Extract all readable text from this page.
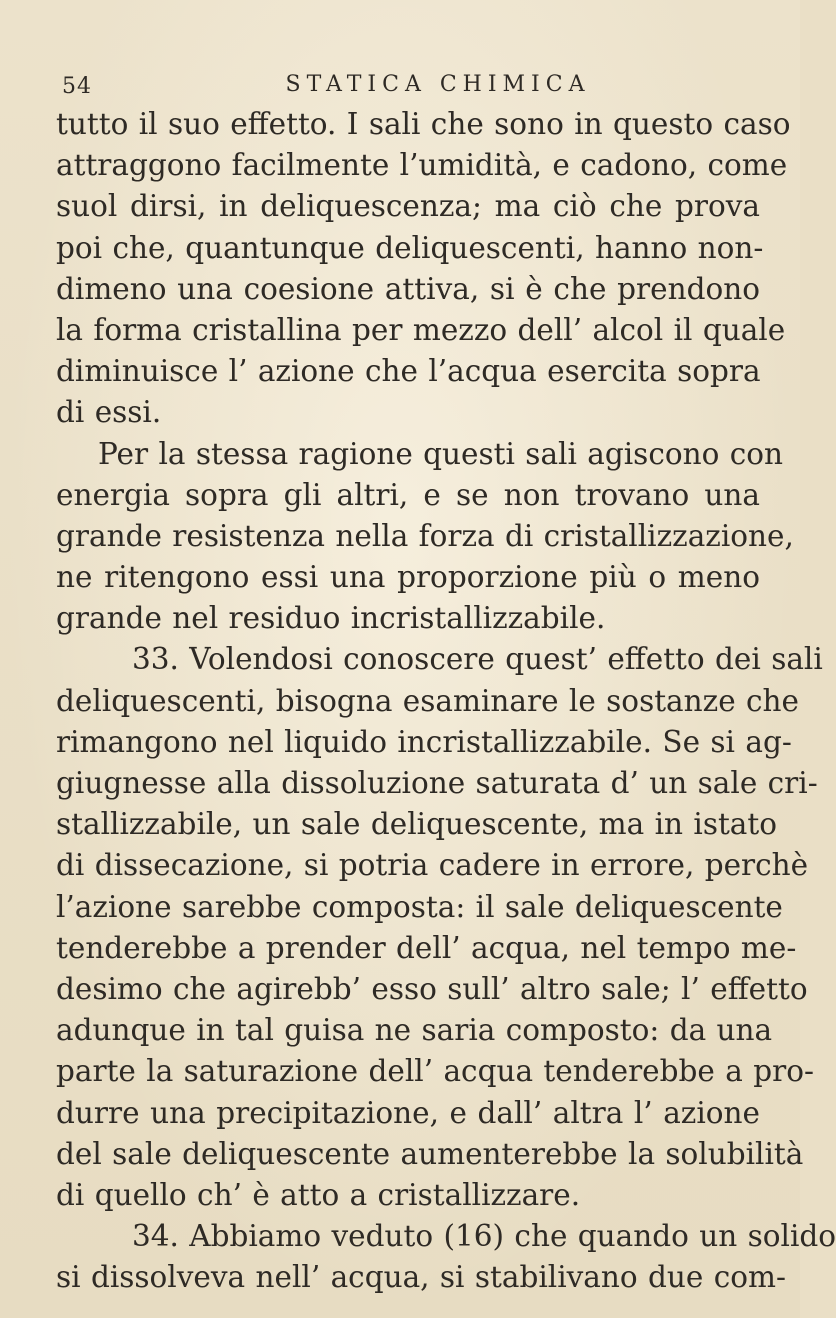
54	STATICA CHIMICA
tutto il suo effetto. I sali che sono in questo caso
attraggono facilmente l’umidità, e cadono, come
suol dirsi, in deliquescenza; ma ciò che prova
poi che, quantunque deliquescenti, hanno non-
dimeno una coesione attiva, si è che prendono
la forma cristallina per mezzo dell’ alcol il quale
diminuisce l’ azione che l’acqua esercita sopra
di essi.
Per la stessa ragione questi sali agiscono con
energia sopra gli altri, e se non trovano una
grande resistenza nella forza di cristallizzazione,
ne ritengono essi una proporzione più o meno
grande nel residuo incristallizzabile.
33. Volendosi conoscere quest’ effetto dei sali
deliquescenti, bisogna esaminare le sostanze che
rimangono nel liquido incristallizzabile. Se si ag-
giugnesse alla dissoluzione saturata d’ un sale cri-
stallizzabile, un sale deliquescente, ma in istato
di dissecazione, si potria cadere in errore, perchè
l’azione sarebbe composta: il sale deliquescente
tenderebbe a prender dell’ acqua, nel tempo me-
desimo che agirebb’ esso sull’ altro sale; l’ effetto
adunque in tal guisa ne saria composto: da una
parte la saturazione dell’ acqua tenderebbe a pro-
durre una precipitazione, e dall’ altra l’ azione
del sale deliquescente aumenterebbe la solubilità
di quello ch’ è atto a cristallizzare.
34. Abbiamo veduto (16) che quando un solido
si dissolveva nell’ acqua, si stabilivano due com-
